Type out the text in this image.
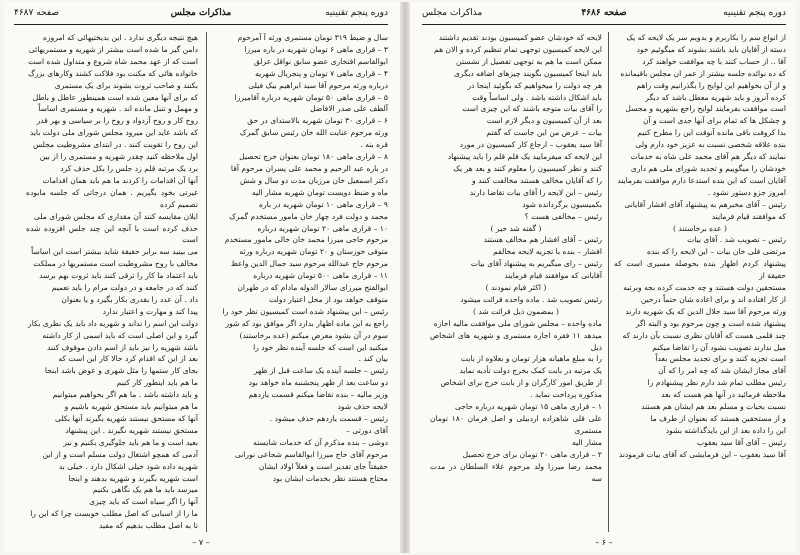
صفحه ۴۶۸۷	مذاکرات مجلس	دوره پنجم تقنینیه

سال و ضبط ۳۱۹ تومان مستمری ورثه آ آمرحوم

۳ – قراری ماهی ۶ تومان شهریه در باره میرزا

ابوالقاسم افتخاری عضو سابق نواقل عرلق

۴ – قراری ماهی ۷ تومان و پنجریال شهریه

درباره ورثه مرحوم آقا سید ابراهیم بیک فیلی

۵ – قراری ماهی ۵۰ تومان شهریه درباره آقامیرزا

آلطف علی صدر الافاضل

۶ – قراری ۳۰ تومان شهریه بالاستدای در حق

ورثه مرحوم عنایت الله خان رئیس سابق گمرک

قره بنه .

۸ – قراری ماهی ۱۸۰ تومان بعنوان خرج تحصیل

در باره عبد الرحیم و محمد علی پسران مرحوم آقا

دکتر اسمعیل خان مرزبان مدت دو سال و شش

ماه و ضبط دویست تومان شهریه مشار الیه

۹ – قراری ماهی ۱۰ تومان شهریه در باره

محمد و دولت فرد چهار خان مامور مستخدم گمرک

۱۰ – قراری ماهی ۲۰ تومان شهریه درباره

مرحوم حاجی میرزا محمد خان خالی مامور مستخدم

متوفی خوزستان و ۲۰ تومان شهریه درباره ورثه

مرحوم حاج عبدالله مرحوم سید جمال الدین واعظ

۱۱ – قراری ماهی ۵۰۰ تومان شهریه درباره

ابوالفتح میرزای سالار الدوله مادام که در طهران

متوقف خواهد بود از محل اعتبار دولت

رئیس – این پیشنهاد شده است کمیسیون نظر خود را

راجع به این ماده اظهار بدارد اگر موافق بود که شور

سوم در آن بشود معرض میکنم (عده برخاستند)

میکنید این است که جلسه آینده نظر خود را

بیان کند .

رئیس – جلسه آینده یک ساعت قبل از ظهر

دو ساعت بعد از ظهر پنجشنبه ماه خواهد بود

وزیر مالیه – بنده تقاضا میکنم قسمت یازدهم

لایحه حذف شود

رئیس – قسمت یازدهم حذف میشود .

آقای دورتی –

دوشی – بنده مذکرم آن که خدمات شایسته

مرحوم آقای حاج میرزا ابوالقاسم شجاعی نورانی

حقیقتاً جای تقدیر است و فعلاً اولاد ایشان

محتاج هستند نظر بخدمات ایشان بود

هیچ نتیجه دیگری ندارد . این بدیختیهائی که امروزه

دامن گیر ما شده است بیشتر از شهریه و مستمریهائی

است که از عهد محمد شاه شروع و متداول شده است

خانواده هائی که مکنت بود فلاکت کشند وکارهای بزرگ

بکنند و صاحب ثروت بشوند برای یک مستمری

که برای آنها معین شده است همینطور عاطل و باطل

و مهمل و تنبل مانده اند . شهریه و مستمری اساساً

روح کار و روح آزدواد و روح را بر سیاسی و بهر قدر

که باشد عاید این میرود مجلس شورای ملی دولت باید

این روح را تقویت کنند . در ابتدای مشروطیت مجلس

اول ملاحظه کنید چقدر شهریه و مستمری را از بین

برد یک مرتبه قلم زد جلس را بکل حذف کرد

آنها آن اقدامات را کردند ما هم باید همان اقدامات

غیرتی بخود بگیریم . همان درجاتی که جلسه مابوده تصمیم کرده

ایلان مقایسه کنند آن مقداری که مجلس شورای ملی

حذف کرده است با آنچه این چند جلس افزوده شده است

می بینید سه برابر حقیقة شاید بیشتر است این اساساً

مخالف با روح مشروطیت است مستمریها در مملکت

باید اعتماد ما کار را ترقی کنند باید ثروت بهم برسد

کنند که در جامعه و در دولت مرام را باید تعمیم

داد . آن عدد را بقدری بکار بگیرد و یا بعنوان

پیدا کند و مهارت و اعتبار ندارد

دولت این اسم را نداند و شهریه داد باید یک نظری بکار

گیرد و این اصلی است که باید اسمی از کار داشته

باشد شهریه را نیز باید از اسم دادن موقوف کنند

بعد از این که اقدام کرد حالا کار این است که

بجای کار ستمها را مثل شهری و عوض باشد اینجا

ما هم باید اینطور کار کنیم

و باید داشته باشد . ما هم اگر بخواهیم میتوانیم

ما هم میتوانیم باید مستحق شهریه باشیم و

آنها که مستحق نیستند شهریه بگیرند آنها بکلی

مستحق نیستند شهریه نگیرند . این پیشنهاد

بعید است و ما هم باید جلوگیری بکنیم و نیز

آدمی که همچو اشتغال دولت مسلم است و از این

شهریه داده شود خیلی اشکال دارد . خیلی بد

است شهریه بگیرند و شهریه بدهند و اینجا

میرسد باید ما هم یک نگاهی بکنیم

آنها را اگر سیاه است که باید چیزی

ما را از اسبابی که اصل مطلب خوبست چرا که این را

تا به اصل مطلب بدهیم که مفید

– ۷ –
مذاکرات مجلس	صفحه ۴۶۸۶	دوره پنجم تقنینیه

از انواع سم را بکاربرم و بدویم سر یک لایحه که یک

دسته از آقایان باید باشند بشوند که میگوئیم خود

آقا .. از حساب کنند با چه موافقت خواهند کرد

که ده نوائده جلسه بیشتر از عمر ان مجلس باقیمانده

و از آن بخواهیم این لوایح را بگذرانیم وقت راهم

کرده آنروز و باید شهریه معطل باشد که دیگر

است موافقت بفرمایند لوایح راجع بشهریه و مجسل

و چشکل ها که تمام برای آنها جدی است و آن

بدا کروفت باقی مانده آنوقت این را مطرح کنیم

بنده علاقه شخصی نسبت به عزیز خود دارم ولی

نمایند که دیگر هم آقای محمد علی شاه به خدمات

خودشان را میگوییم و تجدید شورای ملی هم داری

آقایان است که این بنده استدعا دارم موافقت بفرمایند

امروز جزو دستور نشود .

رئیس – آقای مخبرهم به پیشنهاد آقای افشار آقایانی

که موافقند قیام فرمایند

( عده برخاستند )

رئیس – تصویب شد . آقای بیات

مرتضی قلی خان بیات – این لایحه را که بنده

پیشنهاد کردم اظهار بنده بحوصله مسیری است که حقیقة از

مستحقین دولت هستند و چه خدمت کرده بجه وبرتبه

از کار افتاده اند و برای اعاده شان حتماً درحین

ورثه مرحوم آقا سید جلال الدین که یک شهریه دارند

پیشنهاد شده است و چون مرحوم بود و البته اگر

چند قلمی هست که آقایان نظری نسبت بآن دارند که

میل ندارند تصویب بشود آن را تقاضا میکنم

است تجزیه کنند و برای تجدید مجلس بعداً

آقای مجاز ایشان شد که چه امر را که آن

رئیس مطلب تمام شد دارم نظر پیشنهادم را

ملاحظه فرمائید در آنها هم هست که بعد

نسبت بحیات و مسلم بعد هم ایشان هم هستند

و از مستحقین هستند که بعنوان از طرف ما

این را داده بعد از این بایدگذاشته بشود

رئیس – آقای آقا سید یعقوب

آقا سید یعقوب – این فرمایشی که آقای بیات فرمودند

لایحه که خودشان عضو کمیسیون بودند تقدیم داشتند

این لایحه کمیسیون توجهی تمام تنظیم کرده و الان هم

ممکن است ما هم به توجهی تفصیل از نشستن

باید اینجا کمیسیون بگویند چیزهای اضافه دیگری

هر چه دولت را میخواهیم که بگوئید اینجا در

باید اشکال داشته باشد . ولی اساساً وقت

را آقای بیات متوجه باشند که این چیزی است

بعد از آن کمیسیون و دیگر لازم است

بیات – عرض من این جاست که گفتم

آقا سید یعقوب – ارجاع کار کمیسیون در مورد

این لایحه که میفرمایید یک قلم قلم را باید پیشنهاد

کنند و نظر کمیسیون را معلوم کنند و بعد هر یک

را که آقایان مخالف هستند مخالفت کنند و

رئیس – این لایحه را آقای بیات تقاضا دارند

بکمیسیون برگردانده شود

رئیس – مخالفی هست ؟

( گفته شد خیر )

رئیس – آقای افشار هم مخالف هستند

افشار – بنده با تجزیه لایحه مخالفم

رئیس – رای میگیریم به پیشنهاد آقای بیات

آقایانی که موافقند قیام فرمایند

( اکثر قیام نمودند )

رئیس تصویب شد . ماده واحده قرائت میشود

( بمضمون ذیل قرائت شد )

ماده واحده – مجلس شورای ملی موافقت مالیه اجازه

میدهد ۱۱ فقره اجازه مستمری و شهریه های اشخاص ذیل

را به مبلغ ماهیانه هزار تومان و بعلاوه از بابت

یک مرتبه در بابت کمک بخرج دولت تأدیه نماید

از طریق امور کارگران و از بابت خرج برای اشخاص

مذکوره پرداخت نماید .

۱ – قراری ماهی ۱۵ تومان شهریه درباره حاجی

علی قلی شاهزاده اردبیلی و اصل فرمان ۱۸۰ تومان مستمری

مشار الیه

۲ – قراری ماهی ۲۰ تومان برای خرج تحصیل

محمد رضا میرزا ولد مرحوم علاء السلطان در مدت سه

– ۶ –
